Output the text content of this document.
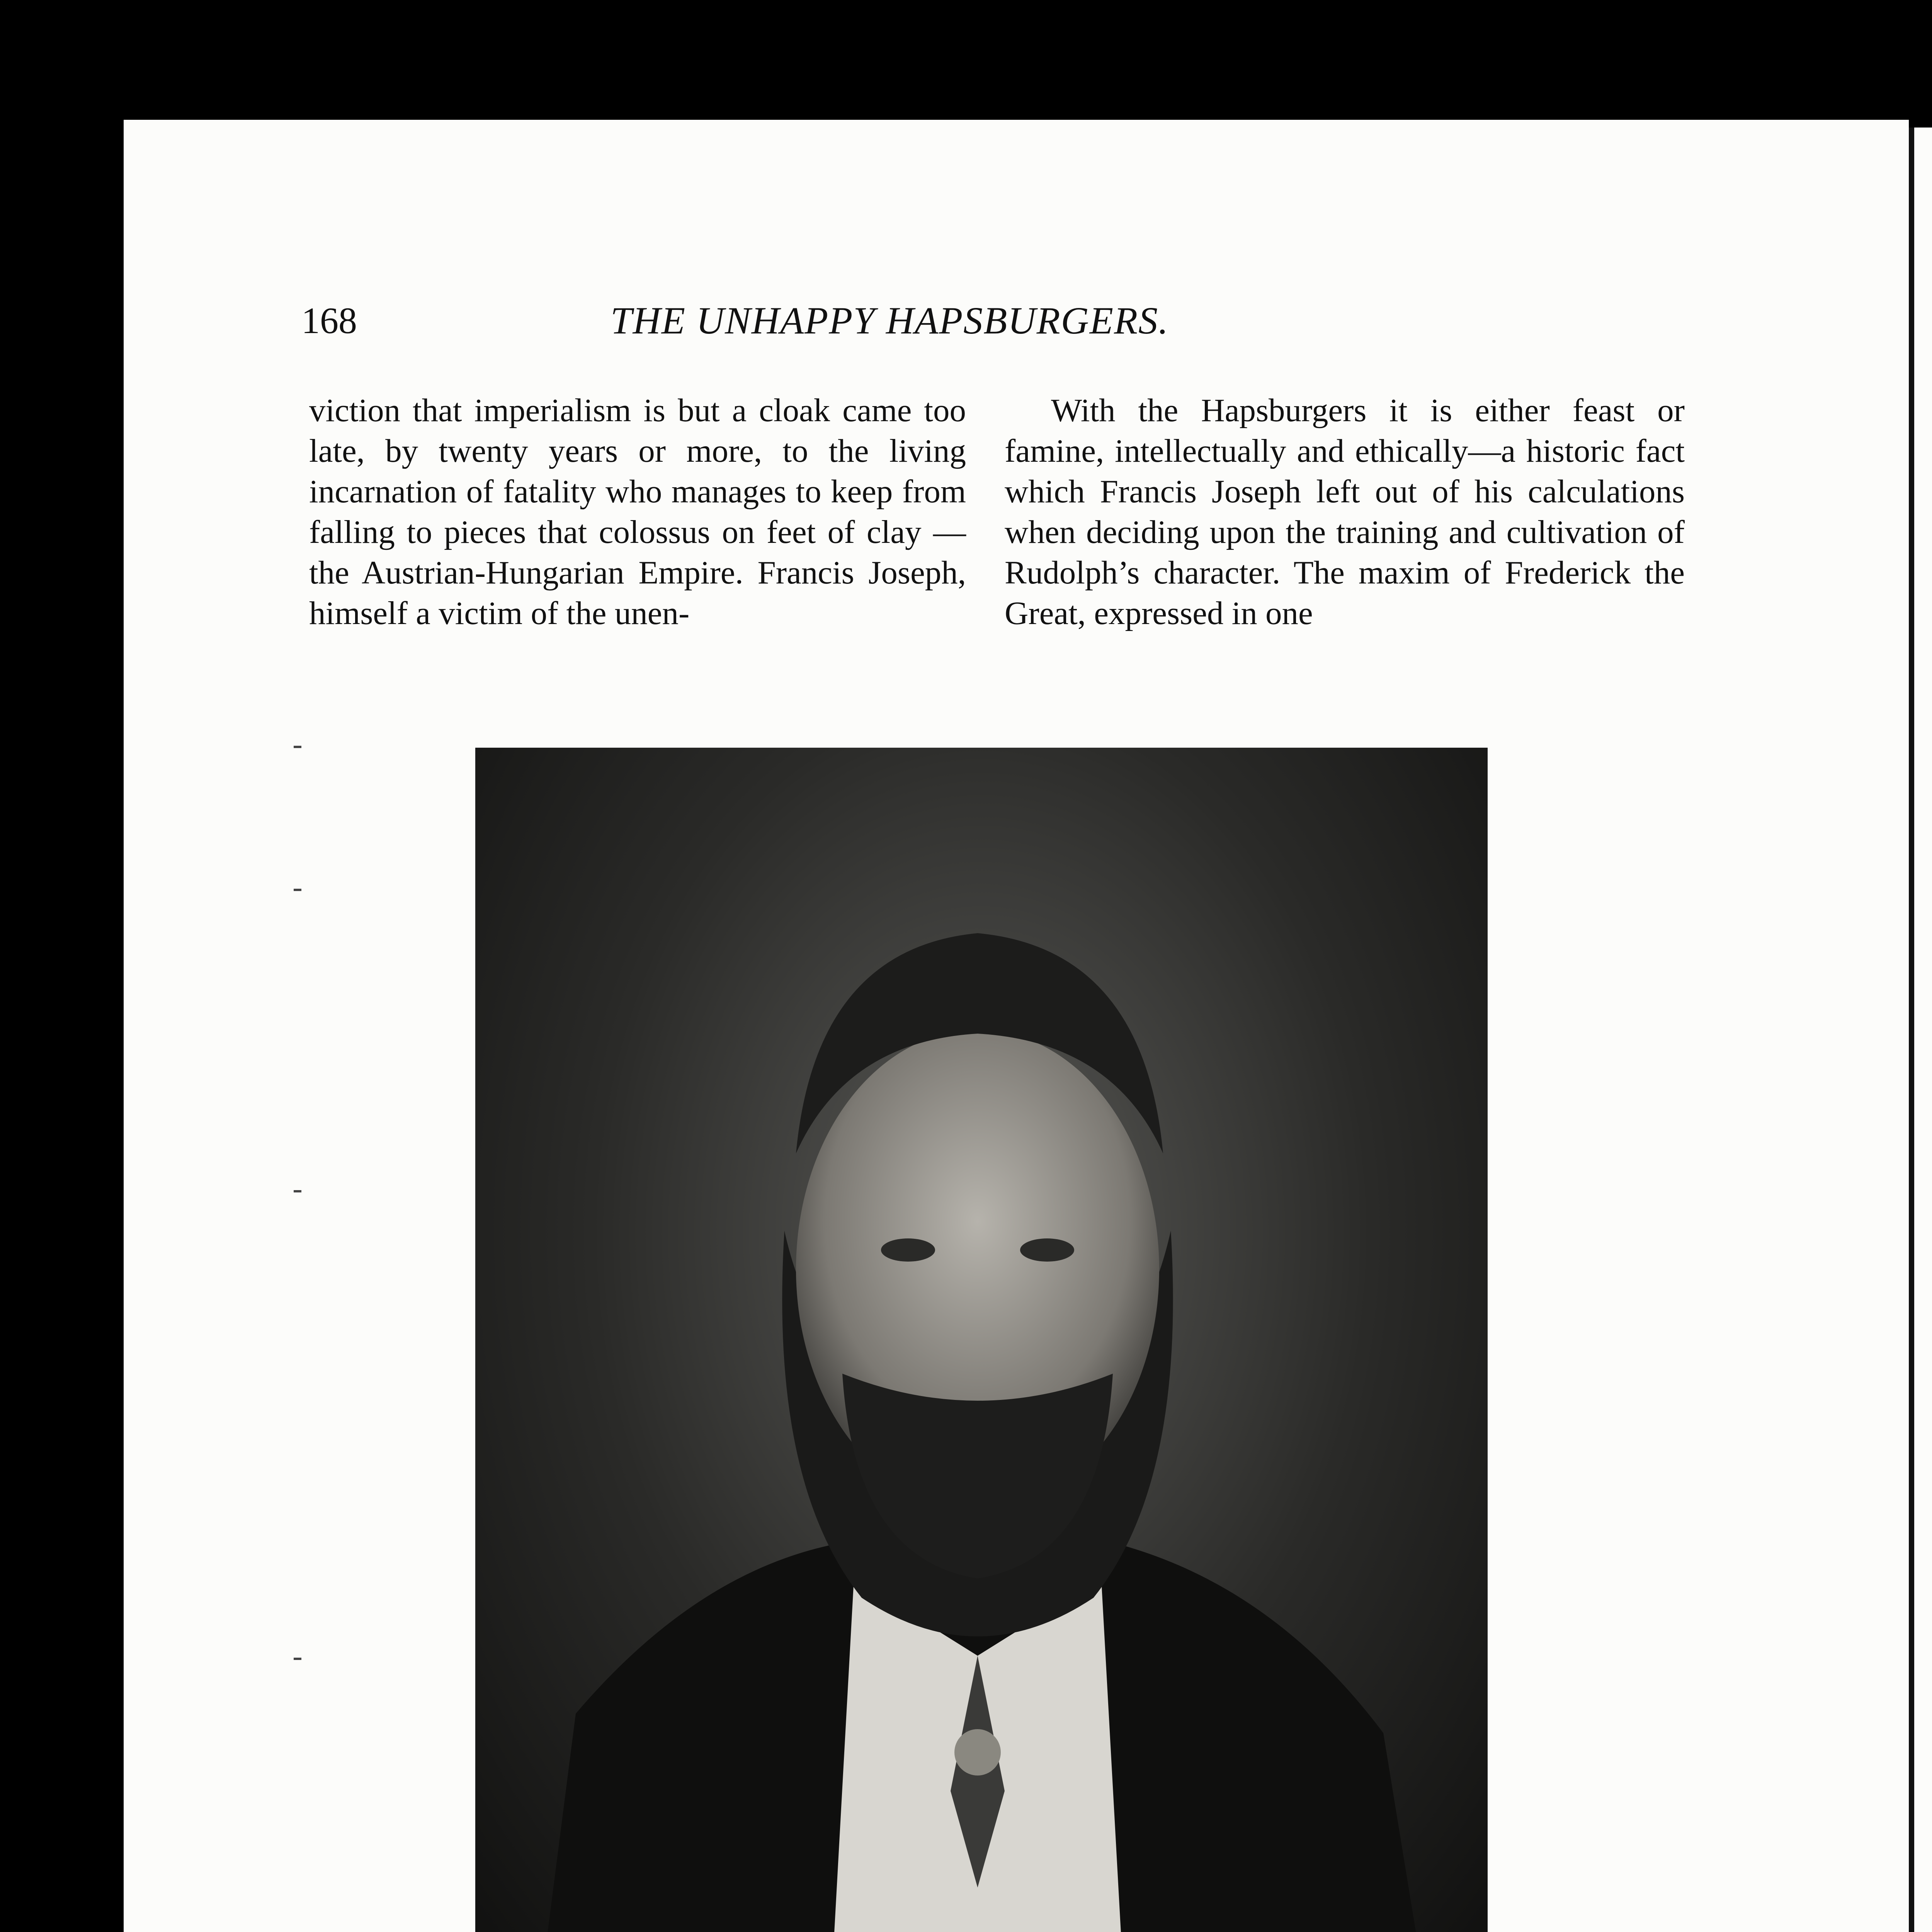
168	THE UNHAPPY HAPSBURGERS.

viction that imperialism is but a cloak came too late, by twenty years or more, to the living incarnation of fatality who manages to keep from falling to pieces that colossus on feet of clay —the Austrian-Hungarian Empire. Francis Joseph, himself a victim of the unen-

With the Hapsburgers it is either feast or famine, intellectually and ethically—a historic fact which Francis Joseph left out of his calculations when deciding upon the training and cultivation of Rudolph’s character. The maxim of Frederick the Great, expressed in one
